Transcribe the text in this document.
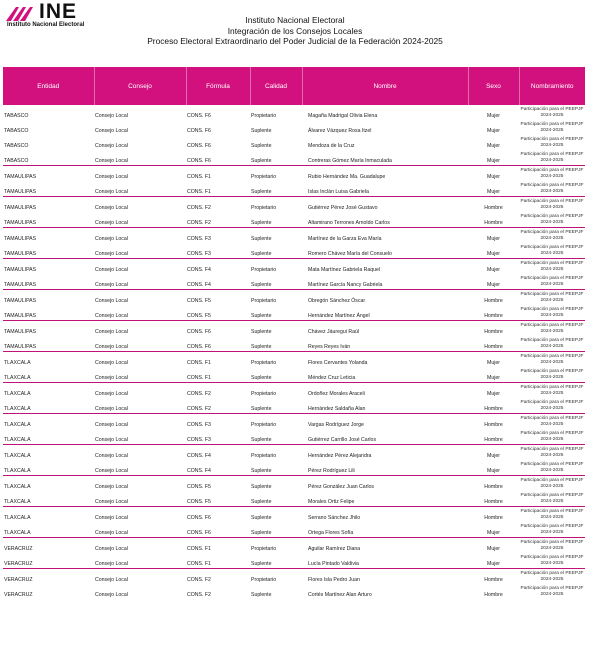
INE
Instituto Nacional Electoral	Instituto Nacional Electoral
Integración de los Consejos Locales
Proceso Electoral Extraordinario del Poder Judicial de la Federación 2024-2025
Entidad	Consejo	Fórmula	Calidad	Nombre	Sexo	Nombramiento
TABASCO	Consejo Local	CONS. F6	Propietario	Magaña Madrigal Olivia Elena	Mujer	Participación para el PEEPJF 2024-2025
TABASCO	Consejo Local	CONS. F6	Suplente	Álvarez Vázquez Rosa Itzel	Mujer	Participación para el PEEPJF 2024-2025
TABASCO	Consejo Local	CONS. F6	Suplente	Mendoza de la Cruz	Mujer	Participación para el PEEPJF 2024-2025
TABASCO	Consejo Local	CONS. F6	Suplente	Contreras Gómez María Inmaculada	Mujer	Participación para el PEEPJF 2024-2025
TAMAULIPAS	Consejo Local	CONS. F1	Propietario	Rubio Hernández Ma. Guadalupe	Mujer	Participación para el PEEPJF 2024-2025
TAMAULIPAS	Consejo Local	CONS. F1	Suplente	Islas Inclán Luisa Gabriela	Mujer	Participación para el PEEPJF 2024-2025
TAMAULIPAS	Consejo Local	CONS. F2	Propietario	Gutiérrez Pérez José Gustavo	Hombre	Participación para el PEEPJF 2024-2025
TAMAULIPAS	Consejo Local	CONS. F2	Suplente	Altamirano Terrones Arnoldo Carlos	Hombre	Participación para el PEEPJF 2024-2025
TAMAULIPAS	Consejo Local	CONS. F3	Suplente	Martínez de la Garza Eva María	Mujer	Participación para el PEEPJF 2024-2025
TAMAULIPAS	Consejo Local	CONS. F3	Suplente	Romero Chávez María del Consuelo	Mujer	Participación para el PEEPJF 2024-2025
TAMAULIPAS	Consejo Local	CONS. F4	Propietario	Mata Martínez Gabriela Raquel	Mujer	Participación para el PEEPJF 2024-2025
TAMAULIPAS	Consejo Local	CONS. F4	Suplente	Martínez García Nancy Gabriela	Mujer	Participación para el PEEPJF 2024-2025
TAMAULIPAS	Consejo Local	CONS. F5	Propietario	Obregón Sánchez Óscar	Hombre	Participación para el PEEPJF 2024-2025
TAMAULIPAS	Consejo Local	CONS. F5	Suplente	Hernández Martínez Ángel	Hombre	Participación para el PEEPJF 2024-2025
TAMAULIPAS	Consejo Local	CONS. F6	Suplente	Chávez Jáuregui Raúl	Hombre	Participación para el PEEPJF 2024-2025
TAMAULIPAS	Consejo Local	CONS. F6	Suplente	Reyes Reyes Iván	Hombre	Participación para el PEEPJF 2024-2025
TLAXCALA	Consejo Local	CONS. F1	Propietario	Flores Cervantes Yolanda	Mujer	Participación para el PEEPJF 2024-2025
TLAXCALA	Consejo Local	CONS. F1	Suplente	Méndez Cruz Leticia	Mujer	Participación para el PEEPJF 2024-2025
TLAXCALA	Consejo Local	CONS. F2	Propietario	Ordoñez Morales Araceli	Mujer	Participación para el PEEPJF 2024-2025
TLAXCALA	Consejo Local	CONS. F2	Suplente	Hernández Saldaña Alan	Hombre	Participación para el PEEPJF 2024-2025
TLAXCALA	Consejo Local	CONS. F3	Propietario	Vargas Rodríguez Jorge	Hombre	Participación para el PEEPJF 2024-2025
TLAXCALA	Consejo Local	CONS. F3	Suplente	Gutiérrez Carrillo José Carlos	Hombre	Participación para el PEEPJF 2024-2025
TLAXCALA	Consejo Local	CONS. F4	Propietario	Hernández Pérez Alejandra	Mujer	Participación para el PEEPJF 2024-2025
TLAXCALA	Consejo Local	CONS. F4	Suplente	Pérez Rodríguez Lili	Mujer	Participación para el PEEPJF 2024-2025
TLAXCALA	Consejo Local	CONS. F5	Suplente	Pérez González Juan Carlos	Hombre	Participación para el PEEPJF 2024-2025
TLAXCALA	Consejo Local	CONS. F5	Suplente	Morales Ortiz Felipe	Hombre	Participación para el PEEPJF 2024-2025
TLAXCALA	Consejo Local	CONS. F6	Suplente	Serrano Sánchez Jhilo	Hombre	Participación para el PEEPJF 2024-2025
TLAXCALA	Consejo Local	CONS. F6	Suplente	Ortega Flores Sofía	Mujer	Participación para el PEEPJF 2024-2025
VERACRUZ	Consejo Local	CONS. F1	Propietario	Aguilar Ramírez Diana	Mujer	Participación para el PEEPJF 2024-2025
VERACRUZ	Consejo Local	CONS. F1	Suplente	Lucía Pintado Valdivia	Mujer	Participación para el PEEPJF 2024-2025
VERACRUZ	Consejo Local	CONS. F2	Propietario	Flores Isla Pedro Juan	Hombre	Participación para el PEEPJF 2024-2025
VERACRUZ	Consejo Local	CONS. F2	Suplente	Cortés Martínez Alan Arturo	Hombre	Participación para el PEEPJF 2024-2025
